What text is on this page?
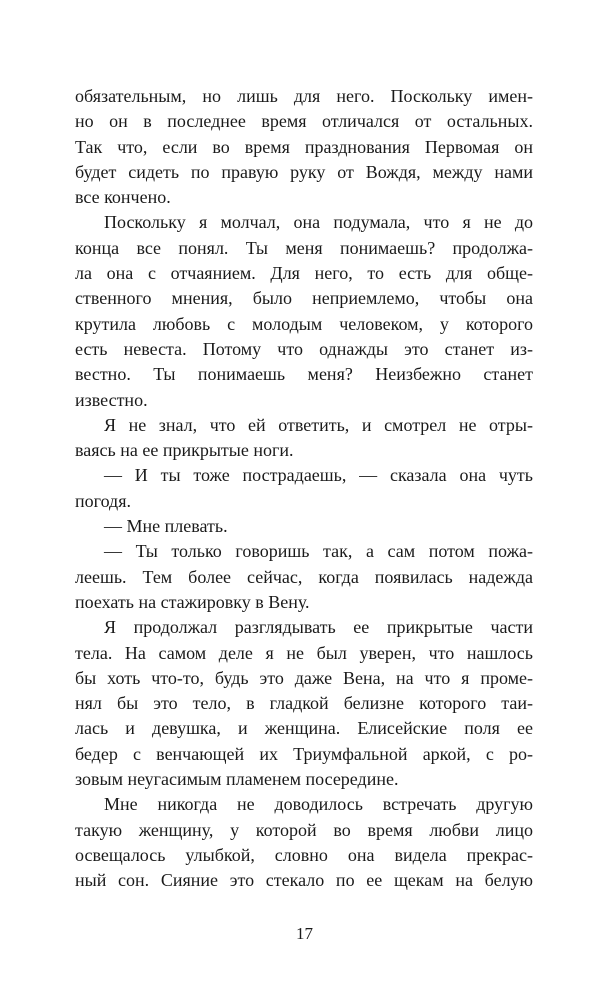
обязательным, но лишь для него. Поскольку имен-
но он в последнее время отличался от остальных.
Так что, если во время празднования Первомая он
будет сидеть по правую руку от Вождя, между нами
все кончено.
Поскольку я молчал, она подумала, что я не до
конца все понял. Ты меня понимаешь? продолжа-
ла она с отчаянием. Для него, то есть для обще-
ственного мнения, было неприемлемо, чтобы она
крутила любовь с молодым человеком, у которого
есть невеста. Потому что однажды это станет из-
вестно. Ты понимаешь меня? Неизбежно станет
известно.
Я не знал, что ей ответить, и смотрел не отры-
ваясь на ее прикрытые ноги.
— И ты тоже пострадаешь, — сказала она чуть
погодя.
— Мне плевать.
— Ты только говоришь так, а сам потом пожа-
леешь. Тем более сейчас, когда появилась надежда
поехать на стажировку в Вену.
Я продолжал разглядывать ее прикрытые части
тела. На самом деле я не был уверен, что нашлось
бы хоть что-то, будь это даже Вена, на что я проме-
нял бы это тело, в гладкой белизне которого таи-
лась и девушка, и женщина. Елисейские поля ее
бедер с венчающей их Триумфальной аркой, с ро-
зовым неугасимым пламенем посередине.
Мне никогда не доводилось встречать другую
такую женщину, у которой во время любви лицо
освещалось улыбкой, словно она видела прекрас-
ный сон. Сияние это стекало по ее щекам на белую
17
